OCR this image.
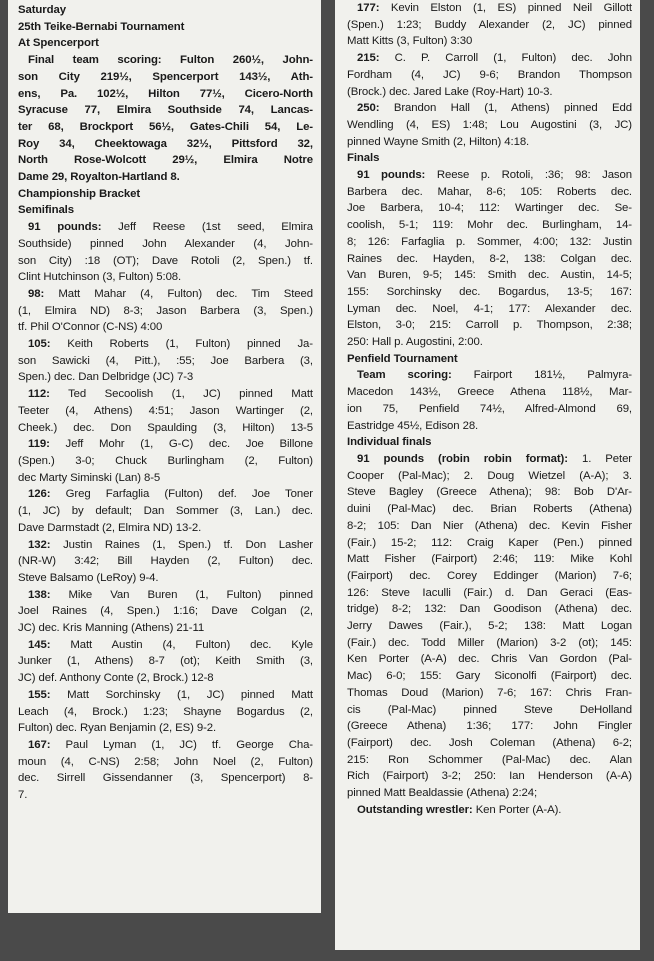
Saturday
25th Teike-Bernabi Tournament
At Spencerport
Final team scoring: Fulton 260½, John-
son City 219½, Spencerport 143½, Ath-
ens, Pa. 102½, Hilton 77½, Cicero-North
Syracuse 77, Elmira Southside 74, Lancas-
ter 68, Brockport 56½, Gates-Chili 54, Le-
Roy 34, Cheektowaga 32½, Pittsford 32,
North Rose-Wolcott 29½, Elmira Notre
Dame 29, Royalton-Hartland 8.
Championship Bracket
Semifinals
91 pounds: Jeff Reese (1st seed, Elmira
Southside) pinned John Alexander (4, John-
son City) :18 (OT); Dave Rotoli (2, Spen.) tf.
Clint Hutchinson (3, Fulton) 5:08.
98: Matt Mahar (4, Fulton) dec. Tim Steed
(1, Elmira ND) 8-3; Jason Barbera (3, Spen.)
tf. Phil O'Connor (C-NS) 4:00
105: Keith Roberts (1, Fulton) pinned Ja-
son Sawicki (4, Pitt.), :55; Joe Barbera (3,
Spen.) dec. Dan Delbridge (JC) 7-3
112: Ted Secoolish (1, JC) pinned Matt
Teeter (4, Athens) 4:51; Jason Wartinger (2,
Cheek.) dec. Don Spaulding (3, Hilton) 13-5
119: Jeff Mohr (1, G-C) dec. Joe Billone
(Spen.) 3-0; Chuck Burlingham (2, Fulton)
dec Marty Siminski (Lan) 8-5
126: Greg Farfaglia (Fulton) def. Joe Toner
(1, JC) by default; Dan Sommer (3, Lan.) dec.
Dave Darmstadt (2, Elmira ND) 13-2.
132: Justin Raines (1, Spen.) tf. Don Lasher
(NR-W) 3:42; Bill Hayden (2, Fulton) dec.
Steve Balsamo (LeRoy) 9-4.
138: Mike Van Buren (1, Fulton) pinned
Joel Raines (4, Spen.) 1:16; Dave Colgan (2,
JC) dec. Kris Manning (Athens) 21-11
145: Matt Austin (4, Fulton) dec. Kyle
Junker (1, Athens) 8-7 (ot); Keith Smith (3,
JC) def. Anthony Conte (2, Brock.) 12-8
155: Matt Sorchinsky (1, JC) pinned Matt
Leach (4, Brock.) 1:23; Shayne Bogardus (2,
Fulton) dec. Ryan Benjamin (2, ES) 9-2.
167: Paul Lyman (1, JC) tf. George Cha-
moun (4, C-NS) 2:58; John Noel (2, Fulton)
dec. Sirrell Gissendanner (3, Spencerport) 8-
7.
177: Kevin Elston (1, ES) pinned Neil Gillott
(Spen.) 1:23; Buddy Alexander (2, JC) pinned
Matt Kitts (3, Fulton) 3:30
215: C. P. Carroll (1, Fulton) dec. John
Fordham (4, JC) 9-6; Brandon Thompson
(Brock.) dec. Jared Lake (Roy-Hart) 10-3.
250: Brandon Hall (1, Athens) pinned Edd
Wendling (4, ES) 1:48; Lou Augostini (3, JC)
pinned Wayne Smith (2, Hilton) 4:18.
Finals
91 pounds: Reese p. Rotoli, :36; 98: Jason
Barbera dec. Mahar, 8-6; 105: Roberts dec.
Joe Barbera, 10-4; 112: Wartinger dec. Se-
coolish, 5-1; 119: Mohr dec. Burlingham, 14-
8; 126: Farfaglia p. Sommer, 4:00; 132: Justin
Raines dec. Hayden, 8-2, 138: Colgan dec.
Van Buren, 9-5; 145: Smith dec. Austin, 14-5;
155: Sorchinsky dec. Bogardus, 13-5; 167:
Lyman dec. Noel, 4-1; 177: Alexander dec.
Elston, 3-0; 215: Carroll p. Thompson, 2:38;
250: Hall p. Augostini, 2:00.
Penfield Tournament
Team scoring: Fairport 181½, Palmyra-
Macedon 143½, Greece Athena 118½, Mar-
ion 75, Penfield 74½, Alfred-Almond 69,
Eastridge 45½, Edison 28.
Individual finals
91 pounds (robin robin format): 1. Peter
Cooper (Pal-Mac); 2. Doug Wietzel (A-A); 3.
Steve Bagley (Greece Athena); 98: Bob D'Ar-
duini (Pal-Mac) dec. Brian Roberts (Athena)
8-2; 105: Dan Nier (Athena) dec. Kevin Fisher
(Fair.) 15-2; 112: Craig Kaper (Pen.) pinned
Matt Fisher (Fairport) 2:46; 119: Mike Kohl
(Fairport) dec. Corey Eddinger (Marion) 7-6;
126: Steve Iaculli (Fair.) d. Dan Geraci (Eas-
tridge) 8-2; 132: Dan Goodison (Athena) dec.
Jerry Dawes (Fair.), 5-2; 138: Matt Logan
(Fair.) dec. Todd Miller (Marion) 3-2 (ot); 145:
Ken Porter (A-A) dec. Chris Van Gordon (Pal-
Mac) 6-0; 155: Gary Siconolfi (Fairport) dec.
Thomas Doud (Marion) 7-6; 167: Chris Fran-
cis (Pal-Mac) pinned Steve DeHolland
(Greece Athena) 1:36; 177: John Fingler
(Fairport) dec. Josh Coleman (Athena) 6-2;
215: Ron Schommer (Pal-Mac) dec. Alan
Rich (Fairport) 3-2; 250: Ian Henderson (A-A)
pinned Matt Bealdassie (Athena) 2:24;
Outstanding wrestler: Ken Porter (A-A).
